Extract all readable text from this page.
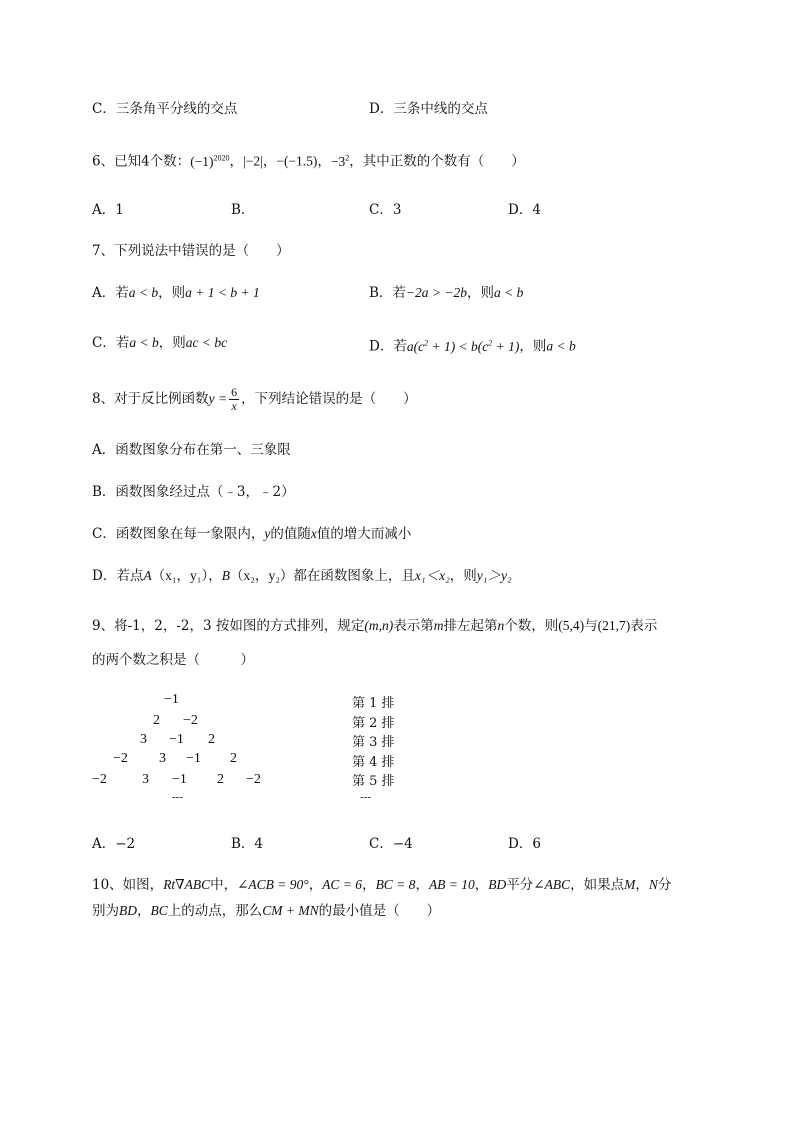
C．三条角平分线的交点	D．三条中线的交点
6、已知4个数：$(-1)^{2020}$，|−2|，−(−1.5)，$-3^2$，其中正数的个数有（　　）
A．1	B．	C．3	D．4
7、下列说法中错误的是（　　）
A．若a < b，则a + 1 < b + 1	B．若−2a > −2b，则a < b
C．若a < b，则ac < bc	D．若$a(c^2 + 1) < b(c^2 + 1)$，则a < b
8、对于反比例函数$y = \frac{6}{x}$ ，下列结论错误的是（　　）
A．函数图象分布在第一、三象限
B．函数图象经过点（﹣3，﹣2）
C．函数图象在每一象限内，y的值随x值的增大而减小
D．若点A（x₁，y₁），B（x₂，y₂）都在函数图象上，且x₁＜x₂，则y₁＞y₂
9、将-1，2，-2，3 按如图的方式排列，规定(m,n)表示第m排左起第n个数，则(5,4)与(21,7)表示
的两个数之积是（　　　）
−1
2 −2
3 −1 2
−2 3 −1 2
−2	3 −1 2 −2
---	---
第 1 排
第 2 排
第 3 排
第 4 排
第 5 排
A．−2	B．4	C．−4	D．6
10、如图，Rt∇ABC中，∠ACB = 90°，AC = 6，BC = 8，AB = 10，BD平分∠ABC，如果点M，N分
别为BD，BC上的动点，那么CM + MN的最小值是（　　）
